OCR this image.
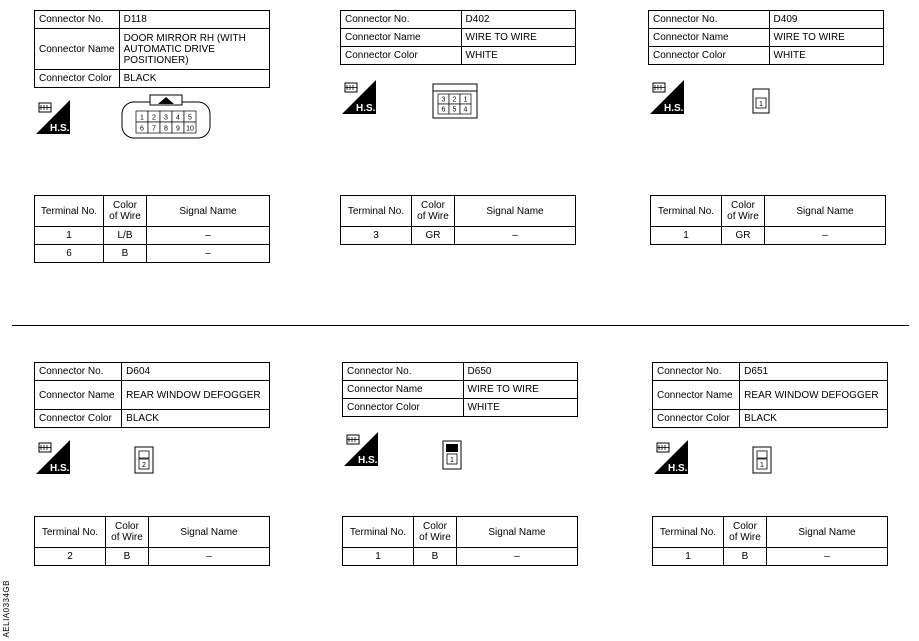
Connector No.	D118
Connector Name	DOOR MIRROR RH (WITH AUTOMATIC DRIVE POSITIONER)
Connector Color	BLACK
H.S.
1 2 3 4 5
6 7 8 9 10
Terminal No.	Color of Wire	Signal Name
1	L/B	–
6	B	–
Connector No.	D402
Connector Name	WIRE TO WIRE
Connector Color	WHITE
H.S.
3 2 1
6 5 4
Terminal No.	Color of Wire	Signal Name
3	GR	–
Connector No.	D409
Connector Name	WIRE TO WIRE
Connector Color	WHITE
H.S.	1
Terminal No.	Color of Wire	Signal Name
1	GR	–
Connector No.	D604
Connector Name	REAR WINDOW DEFOGGER
Connector Color	BLACK
H.S.	2
Terminal No.	Color of Wire	Signal Name
2	B	–
Connector No.	D650
Connector Name	WIRE TO WIRE
Connector Color	WHITE
H.S.	1
Terminal No.	Color of Wire	Signal Name
1	B	–
Connector No.	D651
Connector Name	REAR WINDOW DEFOGGER
Connector Color	BLACK
H.S.	1
Terminal No.	Color of Wire	Signal Name
1	B	–
AELIA0334GB
